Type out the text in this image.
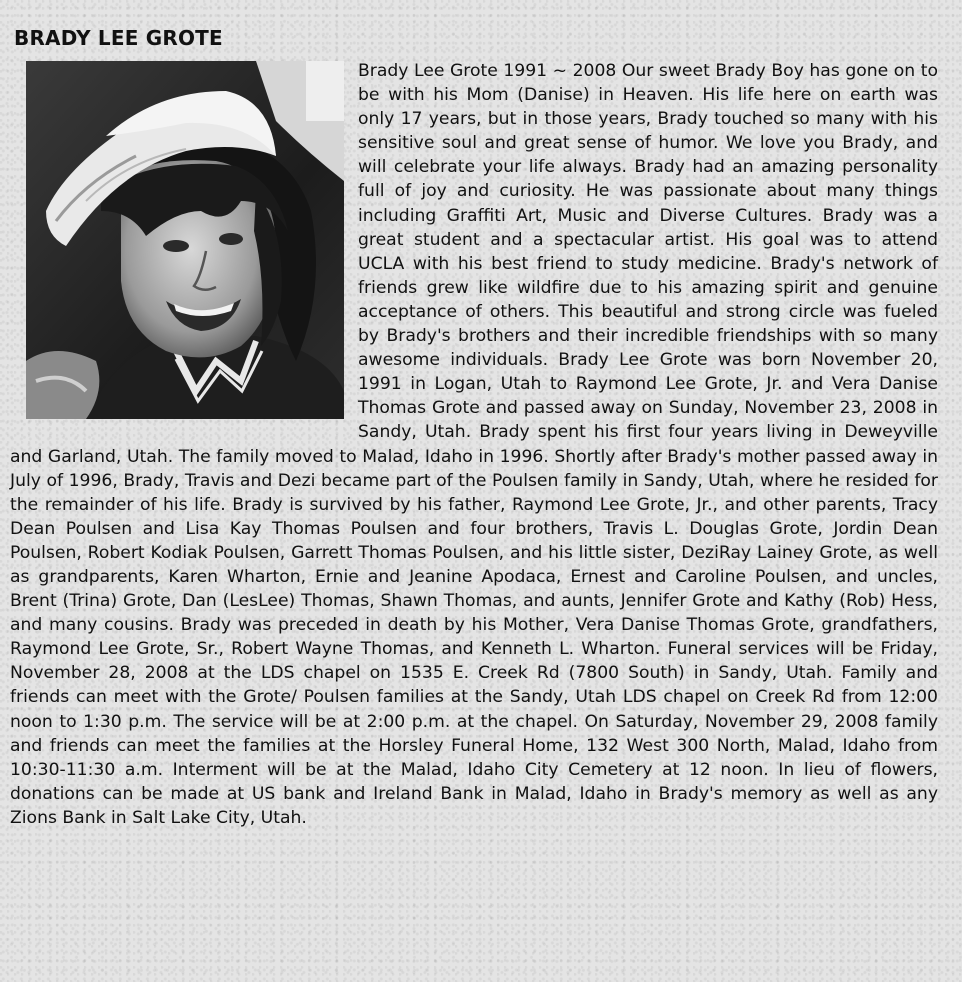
BRADY LEE GROTE

Brady Lee Grote 1991 ~ 2008 Our sweet Brady Boy has gone on to be with his Mom (Danise) in Heaven. His life here on earth was only 17 years, but in those years, Brady touched so many with his sensitive soul and great sense of humor. We love you Brady, and will celebrate your life always. Brady had an amazing personality full of joy and curiosity. He was passionate about many things including Graffiti Art, Music and Diverse Cultures. Brady was a great student and a spectacular artist. His goal was to attend UCLA with his best friend to study medicine. Brady's network of friends grew like wildfire due to his amazing spirit and genuine acceptance of others. This beautiful and strong circle was fueled by Brady's brothers and their incredible friendships with so many awesome individuals. Brady Lee Grote was born November 20, 1991 in Logan, Utah to Raymond Lee Grote, Jr. and Vera Danise Thomas Grote and passed away on Sunday, November 23, 2008 in Sandy, Utah. Brady spent his first four years living in Deweyville and Garland, Utah. The family moved to Malad, Idaho in 1996. Shortly after Brady's mother passed away in July of 1996, Brady, Travis and Dezi became part of the Poulsen family in Sandy, Utah, where he resided for the remainder of his life. Brady is survived by his father, Raymond Lee Grote, Jr., and other parents, Tracy Dean Poulsen and Lisa Kay Thomas Poulsen and four brothers, Travis L. Douglas Grote, Jordin Dean Poulsen, Robert Kodiak Poulsen, Garrett Thomas Poulsen, and his little sister, DeziRay Lainey Grote, as well as grandparents, Karen Wharton, Ernie and Jeanine Apodaca, Ernest and Caroline Poulsen, and uncles, Brent (Trina) Grote, Dan (LesLee) Thomas, Shawn Thomas, and aunts, Jennifer Grote and Kathy (Rob) Hess, and many cousins. Brady was preceded in death by his Mother, Vera Danise Thomas Grote, grandfathers, Raymond Lee Grote, Sr., Robert Wayne Thomas, and Kenneth L. Wharton. Funeral services will be Friday, November 28, 2008 at the LDS chapel on 1535 E. Creek Rd (7800 South) in Sandy, Utah. Family and friends can meet with the Grote/ Poulsen families at the Sandy, Utah LDS chapel on Creek Rd from 12:00 noon to 1:30 p.m. The service will be at 2:00 p.m. at the chapel. On Saturday, November 29, 2008 family and friends can meet the families at the Horsley Funeral Home, 132 West 300 North, Malad, Idaho from 10:30-11:30 a.m. Interment will be at the Malad, Idaho City Cemetery at 12 noon. In lieu of flowers, donations can be made at US bank and Ireland Bank in Malad, Idaho in Brady's memory as well as any Zions Bank in Salt Lake City, Utah.
